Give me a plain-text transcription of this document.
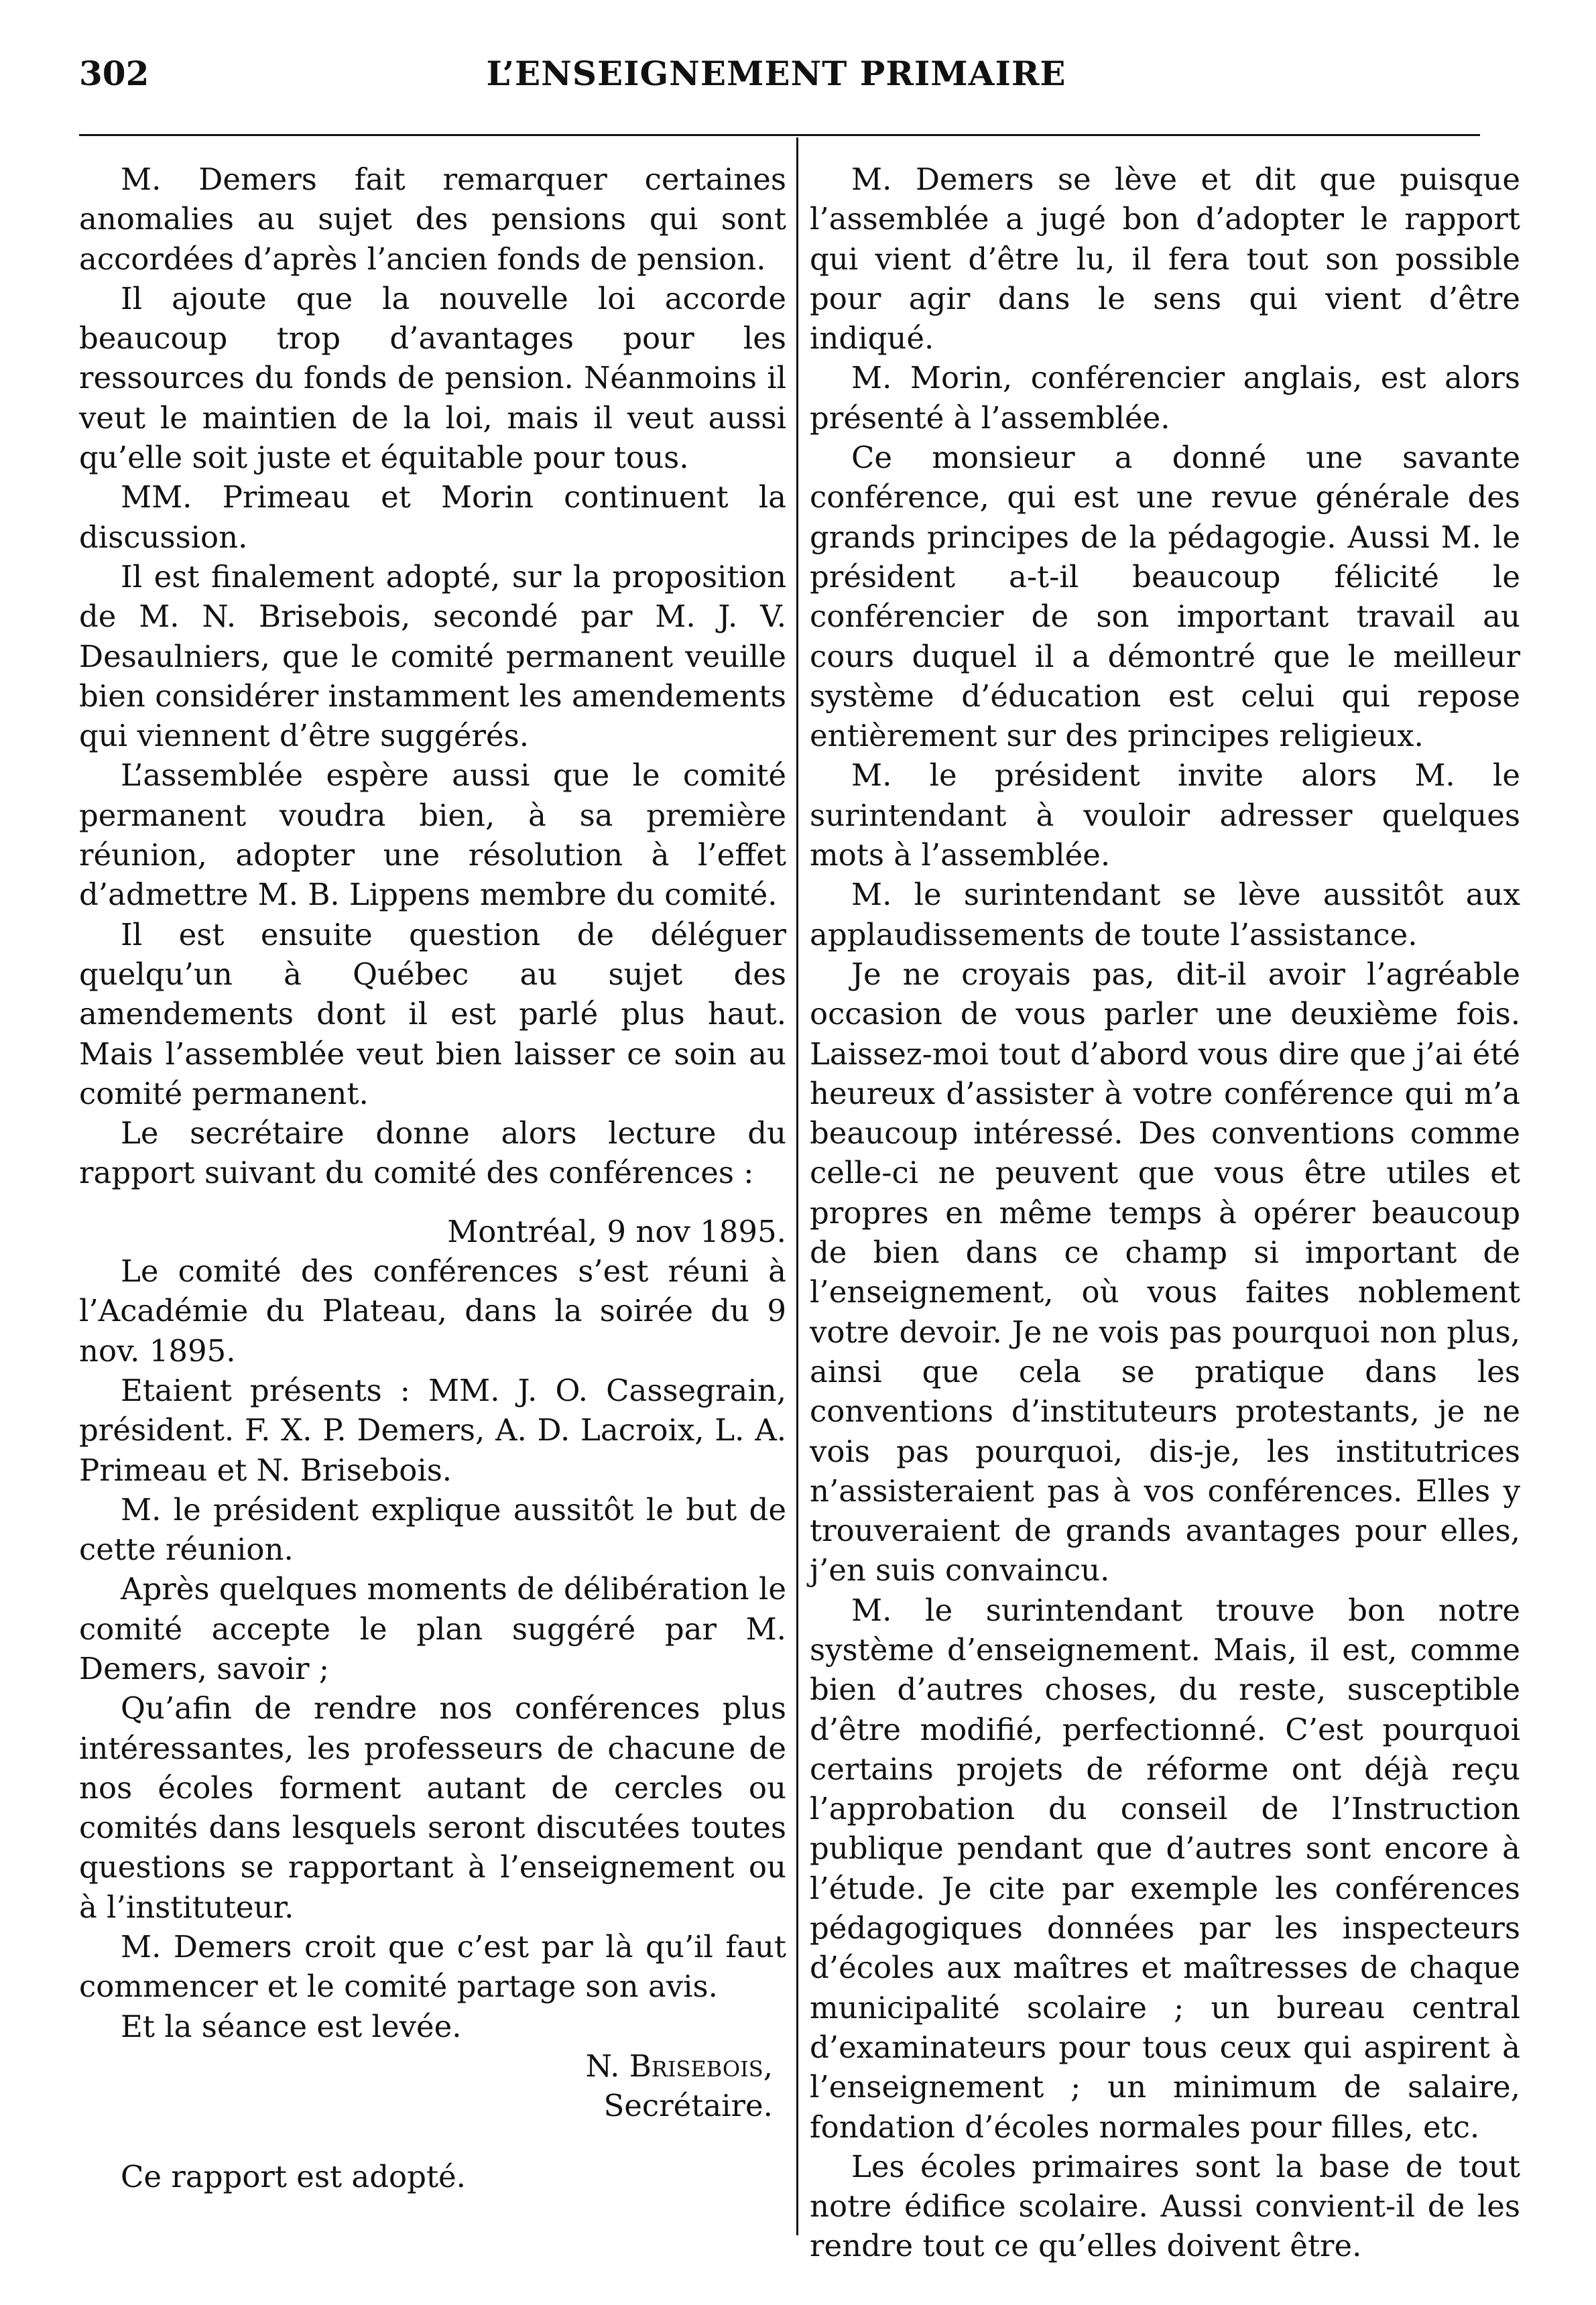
302	L’ENSEIGNEMENT PRIMAIRE

M. Demers fait remarquer certaines anomalies au sujet des pensions qui sont accordées d’après l’ancien fonds de pension.

Il ajoute que la nouvelle loi accorde beaucoup trop d’avantages pour les ressources du fonds de pension. Néanmoins il veut le maintien de la loi, mais il veut aussi qu’elle soit juste et équitable pour tous.

MM. Primeau et Morin continuent la discussion.

Il est finalement adopté, sur la proposition de M. N. Brisebois, secondé par M. J. V. Desaulniers, que le comité permanent veuille bien considérer instamment les amendements qui viennent d’être suggérés.

L’assemblée espère aussi que le comité permanent voudra bien, à sa première réunion, adopter une résolution à l’effet d’admettre M. B. Lippens membre du comité.

Il est ensuite question de déléguer quelqu’un à Québec au sujet des amendements dont il est parlé plus haut. Mais l’assemblée veut bien laisser ce soin au comité permanent.

Le secrétaire donne alors lecture du rapport suivant du comité des conférences :

Montréal, 9 nov 1895.

Le comité des conférences s’est réuni à l’Académie du Plateau, dans la soirée du 9 nov. 1895.

Etaient présents : MM. J. O. Cassegrain, président. F. X. P. Demers, A. D. Lacroix, L. A. Primeau et N. Brisebois.

M. le président explique aussitôt le but de cette réunion.

Après quelques moments de délibération le comité accepte le plan suggéré par M. Demers, savoir ;

Qu’afin de rendre nos conférences plus intéressantes, les professeurs de chacune de nos écoles forment autant de cercles ou comités dans lesquels seront discutées toutes questions se rapportant à l’enseignement ou à l’instituteur.

M. Demers croit que c’est par là qu’il faut commencer et le comité partage son avis.

Et la séance est levée.

N. Brisebois,

Secrétaire.

Ce rapport est adopté.

M. Demers se lève et dit que puisque l’assemblée a jugé bon d’adopter le rapport qui vient d’être lu, il fera tout son possible pour agir dans le sens qui vient d’être indiqué.

M. Morin, conférencier anglais, est alors présenté à l’assemblée.

Ce monsieur a donné une savante conférence, qui est une revue générale des grands principes de la pédagogie. Aussi M. le président a-t-il beaucoup félicité le conférencier de son important travail au cours duquel il a démontré que le meilleur système d’éducation est celui qui repose entièrement sur des principes religieux.

M. le président invite alors M. le surintendant à vouloir adresser quelques mots à l’assemblée.

M. le surintendant se lève aussitôt aux applaudissements de toute l’assistance.

Je ne croyais pas, dit-il avoir l’agréable occasion de vous parler une deuxième fois. Laissez-moi tout d’abord vous dire que j’ai été heureux d’assister à votre conférence qui m’a beaucoup intéressé. Des conventions comme celle-ci ne peuvent que vous être utiles et propres en même temps à opérer beaucoup de bien dans ce champ si important de l’enseignement, où vous faites noblement votre devoir. Je ne vois pas pourquoi non plus, ainsi que cela se pratique dans les conventions d’instituteurs protestants, je ne vois pas pourquoi, dis-je, les institutrices n’assisteraient pas à vos conférences. Elles y trouveraient de grands avantages pour elles, j’en suis convaincu.

M. le surintendant trouve bon notre système d’enseignement. Mais, il est, comme bien d’autres choses, du reste, susceptible d’être modifié, perfectionné. C’est pourquoi certains projets de réforme ont déjà reçu l’approbation du conseil de l’Instruction publique pendant que d’autres sont encore à l’étude. Je cite par exemple les conférences pédagogiques données par les inspecteurs d’écoles aux maîtres et maîtresses de chaque municipalité scolaire ; un bureau central d’examinateurs pour tous ceux qui aspirent à l’enseignement ; un minimum de salaire, fondation d’écoles normales pour filles, etc.

Les écoles primaires sont la base de tout notre édifice scolaire. Aussi convient-il de les rendre tout ce qu’elles doivent être.
